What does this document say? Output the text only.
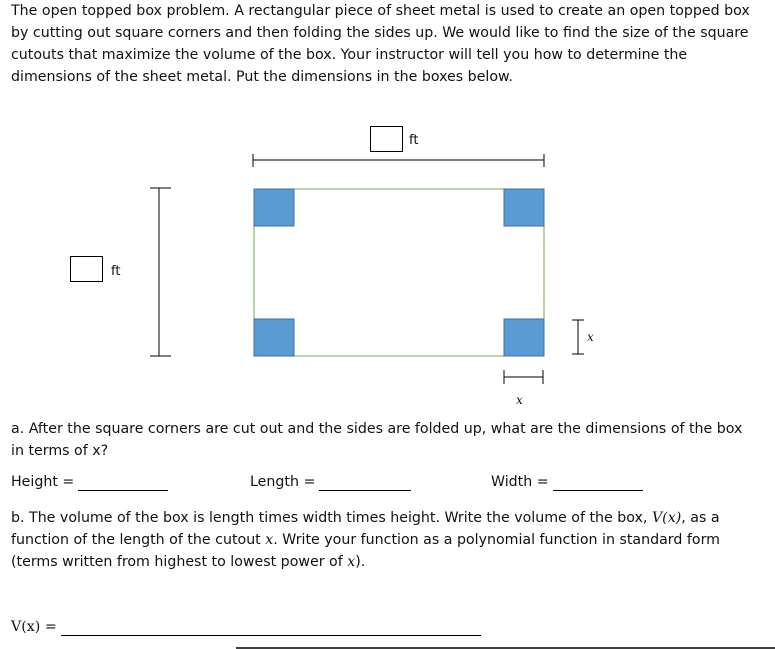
The open topped box problem. A rectangular piece of sheet metal is used to create an open topped box
by cutting out square corners and then folding the sides up. We would like to find the size of the square
cutouts that maximize the volume of the box. Your instructor will tell you how to determine the
dimensions of the sheet metal. Put the dimensions in the boxes below.
ft
ft
x
x
a. After the square corners are cut out and the sides are folded up, what are the dimensions of the box
in terms of x?
Height =	Length =	Width =
b. The volume of the box is length times width times height. Write the volume of the box, V(x), as a
function of the length of the cutout x. Write your function as a polynomial function in standard form
(terms written from highest to lowest power of x).
V(x) =
